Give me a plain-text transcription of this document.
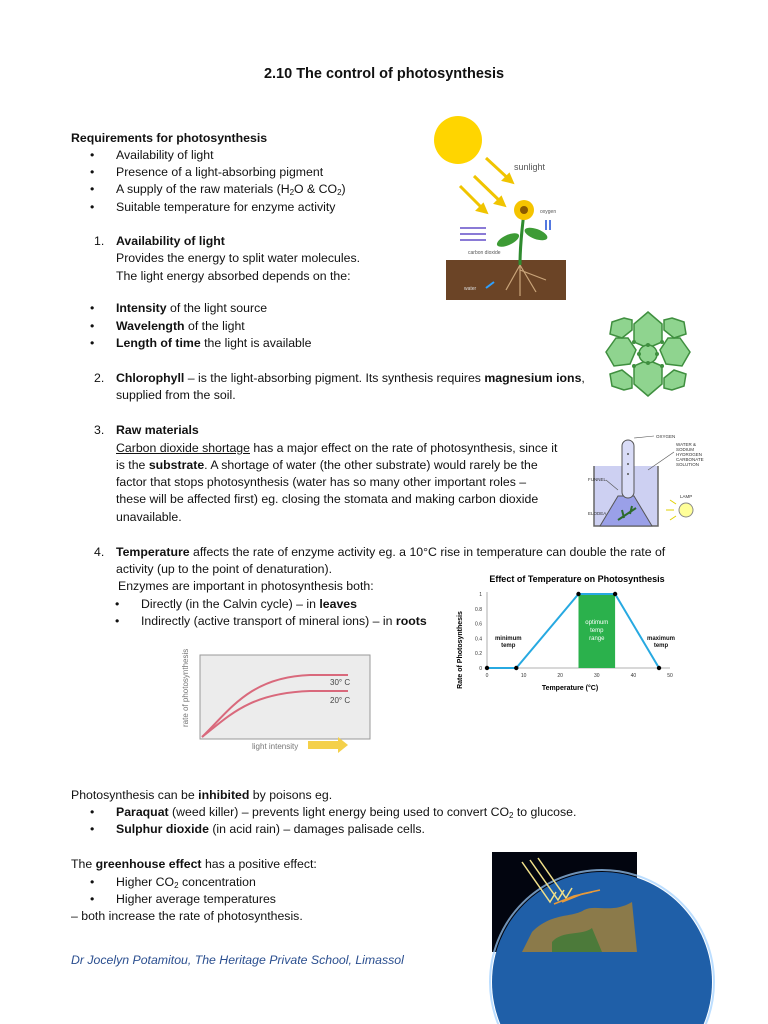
2.10 The control of photosynthesis
Requirements for photosynthesis
• Availability of light
• Presence of a light-absorbing pigment
• A supply of the raw materials ($H_2O$ & $CO_2$)
• Suitable temperature for enzyme activity
1. Availability of light
Provides the energy to split water molecules.
The light energy absorbed depends on the:
• Intensity of the light source
• Wavelength of the light
• Length of time the light is available
2. Chlorophyll – is the light-absorbing pigment. Its synthesis requires magnesium ions,
supplied from the soil.
3. Raw materials
Carbon dioxide shortage has a major effect on the rate of photosynthesis, since it
is the substrate. A shortage of water (the other substrate) would rarely be the
factor that stops photosynthesis (water has so many other important roles –
these will be affected first) eg. closing the stomata and making carbon dioxide
unavailable.
4. Temperature affects the rate of enzyme activity eg. a 10°C rise in temperature can double the rate of
activity (up to the point of denaturation).
Enzymes are important in photosynthesis both:
• Directly (in the Calvin cycle) – in leaves
• Indirectly (active transport of mineral ions) – in roots
Photosynthesis can be inhibited by poisons eg.
• Paraquat (weed killer) – prevents light energy being used to convert $CO_2$ to glucose.
• Sulphur dioxide (in acid rain) – damages palisade cells.
The greenhouse effect has a positive effect:
• Higher $CO_2$ concentration
• Higher average temperatures
– both increase the rate of photosynthesis.
Dr Jocelyn Potamitou, The Heritage Private School, Limassol
sunlight
oxygen
carbon dioxide
water
OXYGEN
WATER &
SODIUM
HYDROGEN
CARBONATE
SOLUTION
FUNNEL
ELODEA
LAMP
30° C
20° C
rate of photosynthesis
light intensity
Effect of Temperature on Photosynthesis
Rate of Photosynthesis	optimum
temp
range
minimum
temp
maximum
temp
0
0.2
0.4
0.6
0.8
1
0	10	20	30	40	50
Temperature (°C)
